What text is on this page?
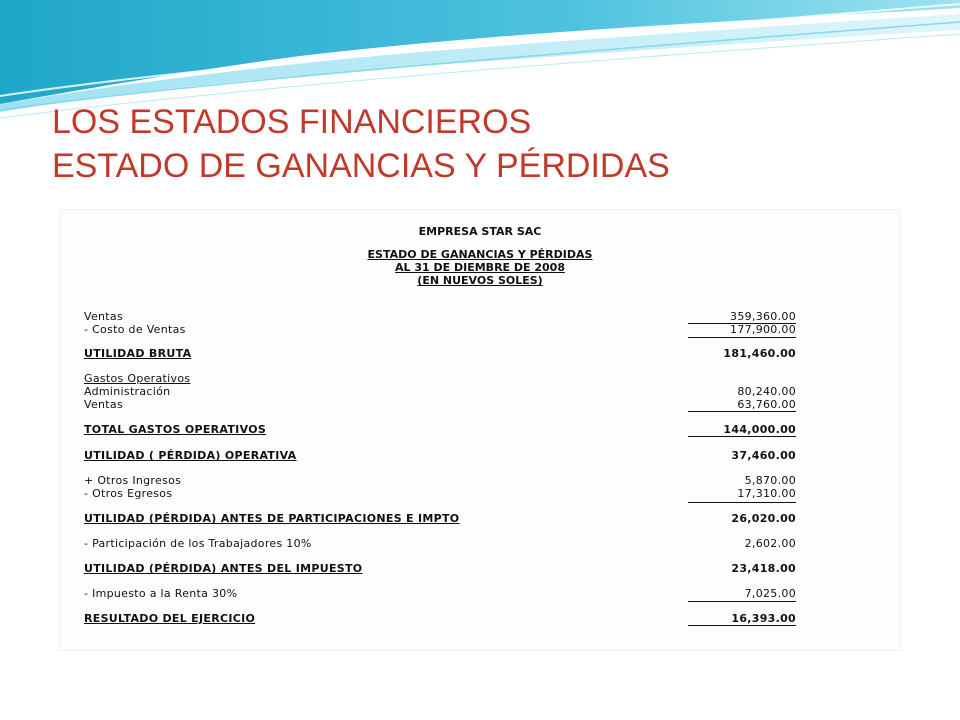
LOS ESTADOS FINANCIEROS
ESTADO DE GANANCIAS Y PÉRDIDAS
EMPRESA STAR SAC
ESTADO DE GANANCIAS Y PÉRDIDAS
AL 31 DE DIEMBRE DE 2008
(EN NUEVOS SOLES)
Ventas	359,360.00
- Costo de Ventas	177,900.00
UTILIDAD BRUTA	181,460.00
Gastos Operativos
Administración	80,240.00
Ventas	63,760.00
TOTAL GASTOS OPERATIVOS	144,000.00
UTILIDAD ( PÉRDIDA) OPERATIVA	37,460.00
+ Otros Ingresos	5,870.00
- Otros Egresos	17,310.00
UTILIDAD (PÉRDIDA) ANTES DE PARTICIPACIONES E IMPTO	26,020.00
- Participación de los Trabajadores 10%	2,602.00
UTILIDAD (PÉRDIDA) ANTES DEL IMPUESTO	23,418.00
- Impuesto a la Renta 30%	7,025.00
RESULTADO DEL EJERCICIO	16,393.00
